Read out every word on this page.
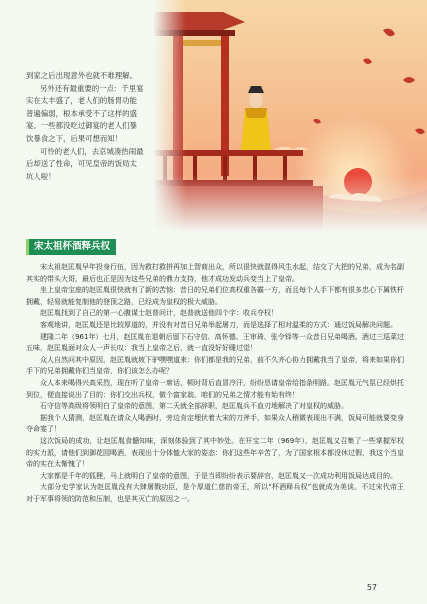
到家之后出现意外也就不难理解。

另外还有最重要的一点：千里宴实在太丰盛了，老人们的肠胃功能普遍偏弱，根本承受不了这样的盛宴。一些都没吃过御宴的老人们暴饮暴食之下，后果可想而知！

可怜的老人们，去京城凑热闹最后却送了性命，可见皇帝的饭局太坑人啦！

宋太祖杯酒释兵权

宋太祖赵匡胤早年投身行伍，因为救打救拼再加上智商出众，所以很快就混得风生水起，结交了大把的兄弟，成为名副其实的带头大哥，最后也正是因为这些兄弟的鼎力支持，他才成功发动兵变当上了皇帝。

坐上皇帝宝座的赵匡胤很快就有了新的苦恼：昔日的兄弟们位高权重各霸一方，而且每个人手下都有很多忠心下属铁杆拥戴，轻易就能复制他的登顶之路，已经成为皇权的极大威胁。

赵匡胤找到了自己的第一心腹谋士赵普问计，赵普就送他四个字：收兵夺权！

客观地讲，赵匡胤还是比较厚道的，并没有对昔日兄弟举起屠刀，而是选择了相对温柔的方式：通过饭局解决问题。

建隆二年（961年）七月，赵匡胤在退朝后留下石守信、高怀德、王审琦、张令铎等一众昔日兄弟喝酒。酒过三巡菜过五味，赵匡胤面对众人一声长叹：我当上皇帝之后，就一直没好好睡过觉！

众人自然问其中原因，赵匡胤就坡下驴嘿嘿道来：你们都是我的兄弟，前不久齐心协力拥戴我当了皇帝，将来如果你们手下的兄弟拥戴你们当皇帝，你们该怎么办呢？

众人本来喝得兴高采烈，现在听了皇帝一席话，顿时背后直冒冷汗，纷纷恳请皇帝给指条明路。赵匡胤元气氛已经烘托到位，便直接说出了目的：你们交出兵权，做个富家翁，咱们的兄弟之情才能有始有终！

石守信等高级将领明白了皇帝的意图，第二天就全部辞职，赵匡胤兵不血刃地解决了对皇权的威胁。

据我个人猜测，赵匡胤在请众人喝酒时，旁边肯定埋伏着大宋的刀斧手，如果众人稍微表现出不满，饭局可能就要变身夺命宴了！

这次饭局的成功，让赵匡胤食髓知味，深刻体验到了其中妙处。在开宝二年（969年），赵匡胤又召集了一些掌握军权的实力派，请他们到御花园喝酒，表现出十分体恤大家的姿态：你们这些年辛苦了，为了国家根本都没休过假，我这个当皇帝的实在太惭愧了！

大家都是千年的狐狸，马上就明白了皇帝的意图，于是当即纷纷表示要辞官，赵匡胤又一次成功利用饭局达成目的。

大部分史学家认为赵匡胤没有大肆屠戮功臣，是个厚道仁慈的帝王，所以“杯酒释兵权”也就成为美谈。不过宋代帝王对于军事将领的防范和压制，也是其灭亡的原因之一。

57
